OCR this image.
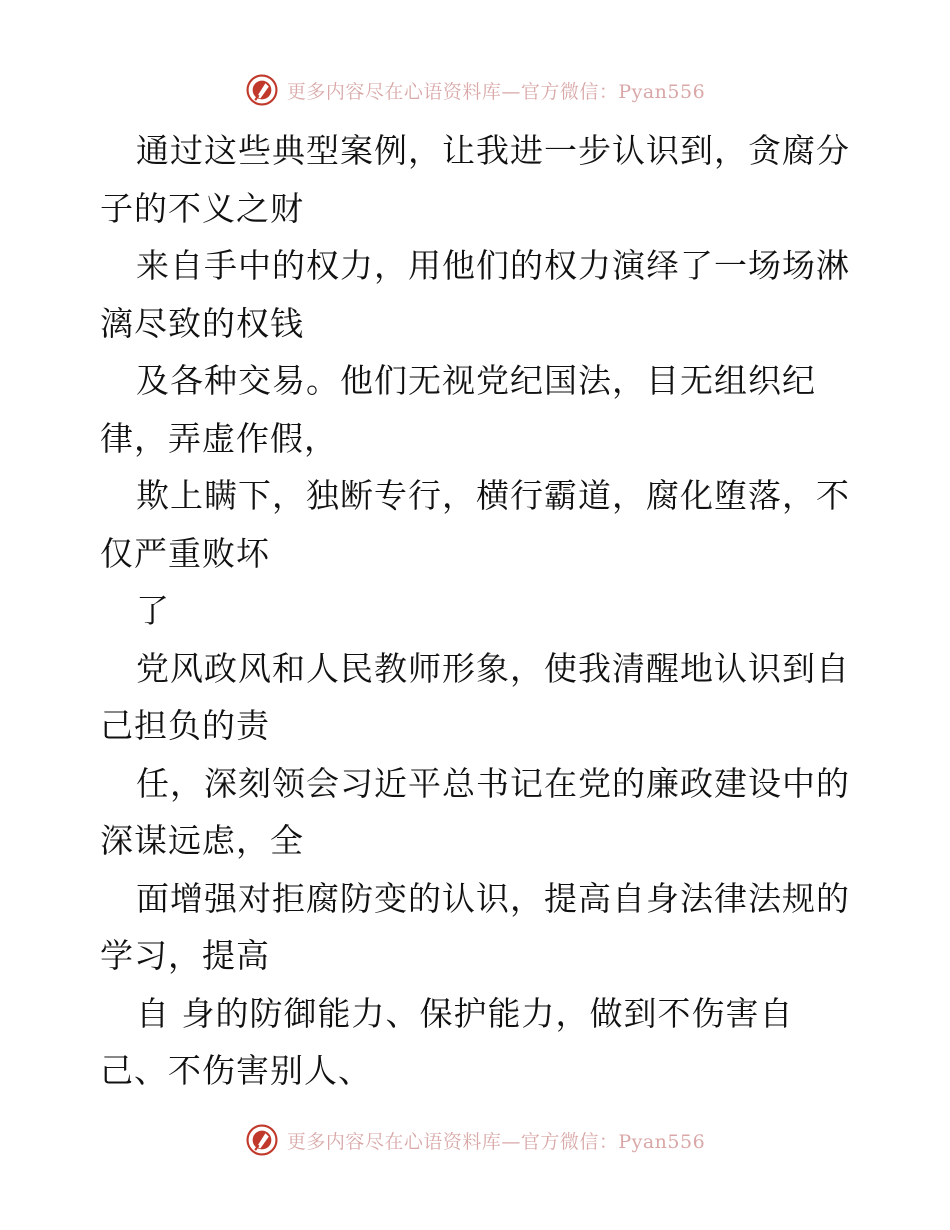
更多内容尽在心语资料库—官方微信：Pyan556
通过这些典型案例，让我进一步认识到，贪腐分
子的不义之财
来自手中的权力，用他们的权力演绎了一场场淋
漓尽致的权钱
及各种交易。他们无视党纪国法，目无组织纪
律，弄虚作假，
欺上瞒下，独断专行，横行霸道，腐化堕落，不
仅严重败坏
了
党风政风和人民教师形象，使我清醒地认识到自
己担负的责
任，深刻领会习近平总书记在党的廉政建设中的
深谋远虑，全
面增强对拒腐防变的认识，提高自身法律法规的
学习，提高
自 身的防御能力、保护能力，做到不伤害自
己、不伤害别人、
更多内容尽在心语资料库—官方微信：Pyan556
